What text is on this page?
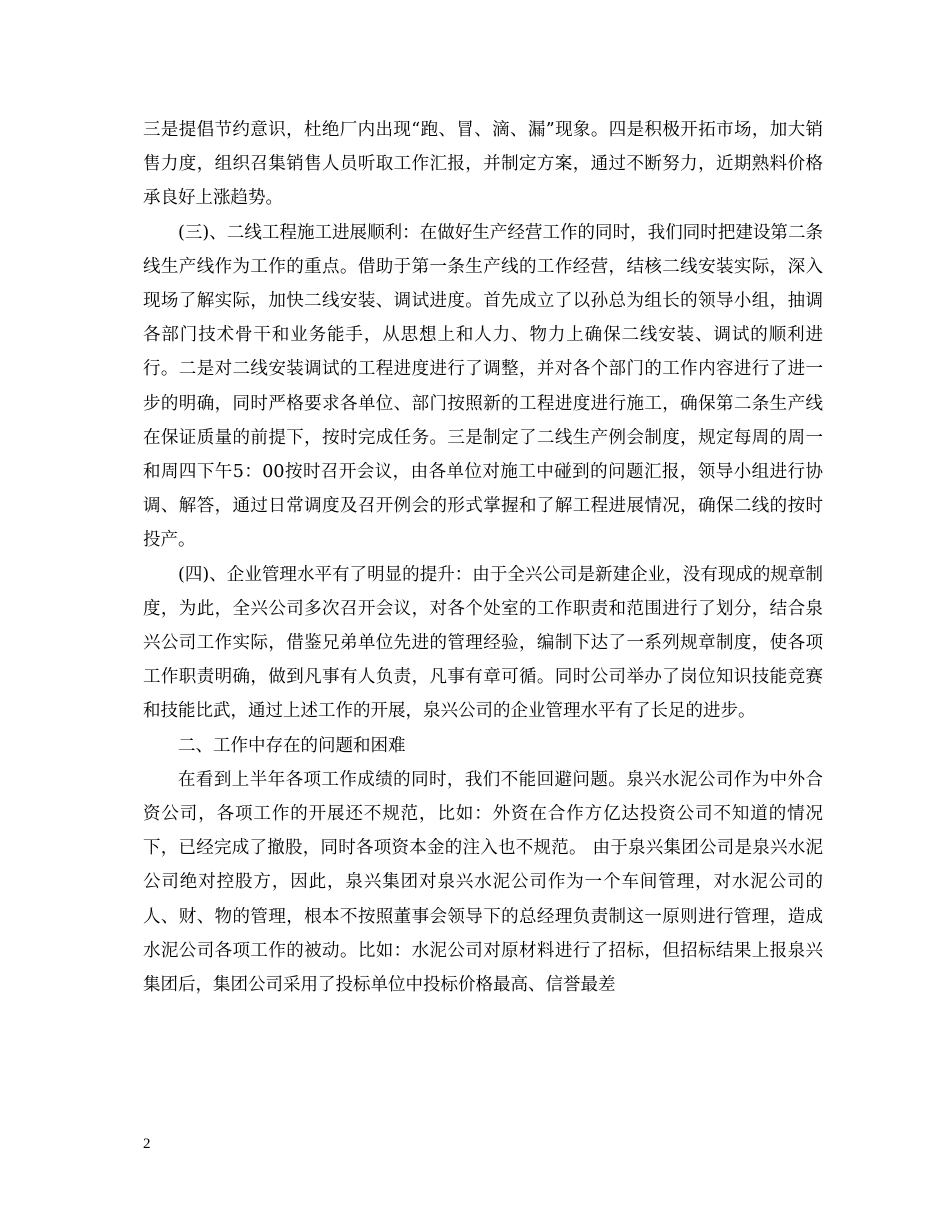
三是提倡节约意识，杜绝厂内出现“跑、冒、滴、漏”现象。四是积极开拓市场，加大销售力度，组织召集销售人员听取工作汇报，并制定方案，通过不断努力，近期熟料价格承良好上涨趋势。

(三)、二线工程施工进展顺利：在做好生产经营工作的同时，我们同时把建设第二条线生产线作为工作的重点。借助于第一条生产线的工作经营，结核二线安装实际，深入现场了解实际，加快二线安装、调试进度。首先成立了以孙总为组长的领导小组，抽调各部门技术骨干和业务能手，从思想上和人力、物力上确保二线安装、调试的顺利进行。二是对二线安装调试的工程进度进行了调整，并对各个部门的工作内容进行了进一步的明确，同时严格要求各单位、部门按照新的工程进度进行施工，确保第二条生产线在保证质量的前提下，按时完成任务。三是制定了二线生产例会制度，规定每周的周一和周四下午5：00按时召开会议，由各单位对施工中碰到的问题汇报，领导小组进行协调、解答，通过日常调度及召开例会的形式掌握和了解工程进展情况，确保二线的按时投产。

(四)、企业管理水平有了明显的提升：由于全兴公司是新建企业，没有现成的规章制度，为此，全兴公司多次召开会议，对各个处室的工作职责和范围进行了划分，结合泉兴公司工作实际，借鉴兄弟单位先进的管理经验，编制下达了一系列规章制度，使各项工作职责明确，做到凡事有人负责，凡事有章可循。同时公司举办了岗位知识技能竞赛和技能比武，通过上述工作的开展，泉兴公司的企业管理水平有了长足的进步。

二、工作中存在的问题和困难

在看到上半年各项工作成绩的同时，我们不能回避问题。泉兴水泥公司作为中外合资公司，各项工作的开展还不规范，比如：外资在合作方亿达投资公司不知道的情况下，已经完成了撤股，同时各项资本金的注入也不规范。 由于泉兴集团公司是泉兴水泥公司绝对控股方，因此，泉兴集团对泉兴水泥公司作为一个车间管理，对水泥公司的人、财、物的管理，根本不按照董事会领导下的总经理负责制这一原则进行管理，造成水泥公司各项工作的被动。比如：水泥公司对原材料进行了招标，但招标结果上报泉兴集团后，集团公司采用了投标单位中投标价格最高、信誉最差

2
